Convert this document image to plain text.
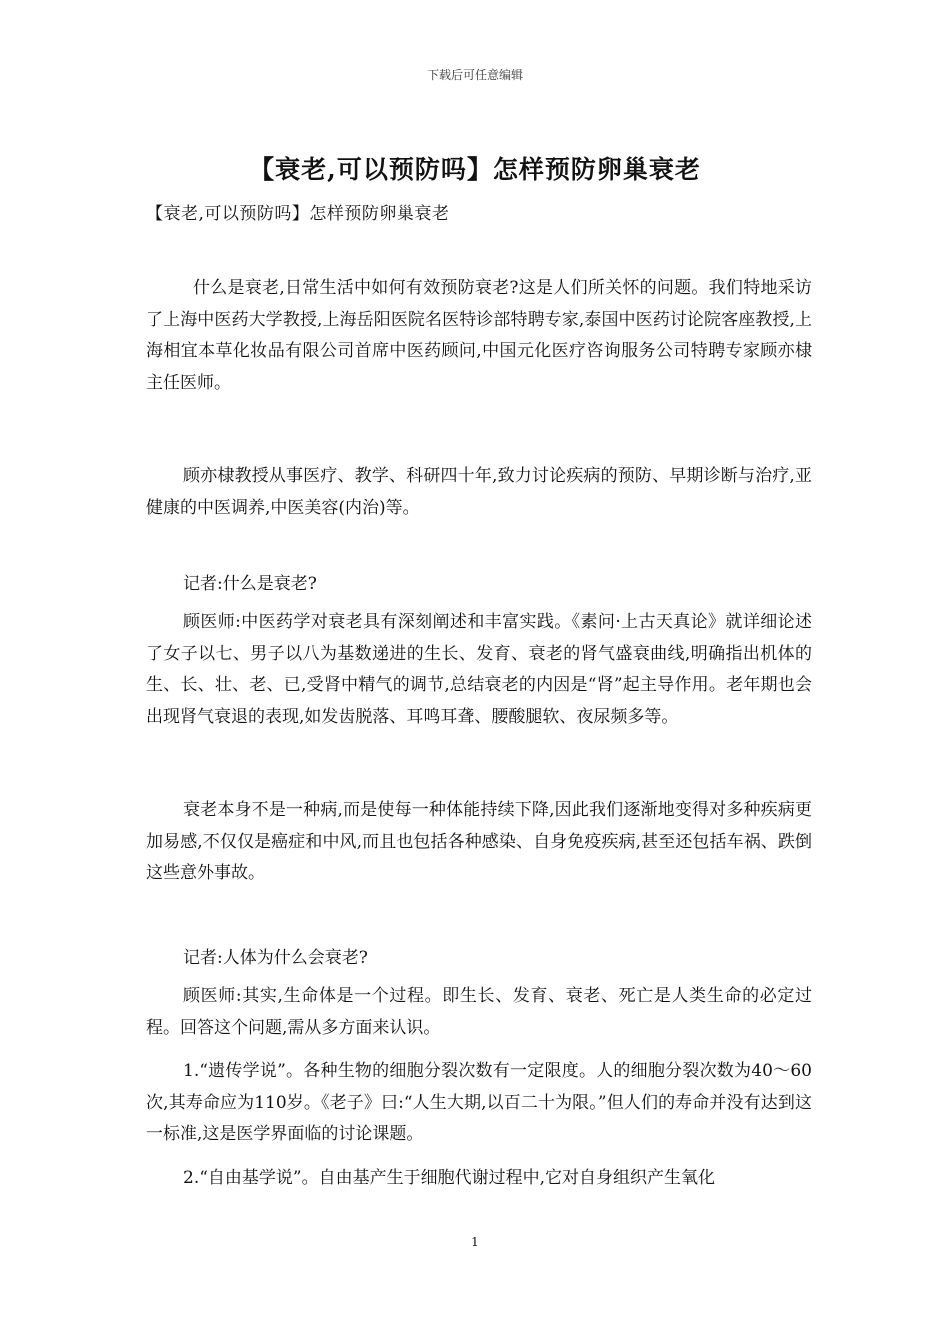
下载后可任意编辑
【衰老,可以预防吗】怎样预防卵巢衰老
【衰老,可以预防吗】怎样预防卵巢衰老
什么是衰老,日常生活中如何有效预防衰老?这是人们所关怀的问题。我们特地采访了上海中医药大学教授,上海岳阳医院名医特诊部特聘专家,泰国中医药讨论院客座教授,上海相宜本草化妆品有限公司首席中医药顾问,中国元化医疗咨询服务公司特聘专家顾亦棣主任医师。
顾亦棣教授从事医疗、教学、科研四十年,致力讨论疾病的预防、早期诊断与治疗,亚健康的中医调养,中医美容(内治)等。
记者:什么是衰老?
顾医师:中医药学对衰老具有深刻阐述和丰富实践。《素问·上古天真论》就详细论述了女子以七、男子以八为基数递进的生长、发育、衰老的肾气盛衰曲线,明确指出机体的生、长、壮、老、已,受肾中精气的调节,总结衰老的内因是“肾”起主导作用。老年期也会出现肾气衰退的表现,如发齿脱落、耳鸣耳聋、腰酸腿软、夜尿频多等。
衰老本身不是一种病,而是使每一种体能持续下降,因此我们逐渐地变得对多种疾病更加易感,不仅仅是癌症和中风,而且也包括各种感染、自身免疫疾病,甚至还包括车祸、跌倒这些意外事故。
记者:人体为什么会衰老?
顾医师:其实,生命体是一个过程。即生长、发育、衰老、死亡是人类生命的必定过程。回答这个问题,需从多方面来认识。
1.“遗传学说”。各种生物的细胞分裂次数有一定限度。人的细胞分裂次数为40～60次,其寿命应为110岁。《老子》曰:“人生大期,以百二十为限。”但人们的寿命并没有达到这一标准,这是医学界面临的讨论课题。
2.“自由基学说”。自由基产生于细胞代谢过程中,它对自身组织产生氧化
1
